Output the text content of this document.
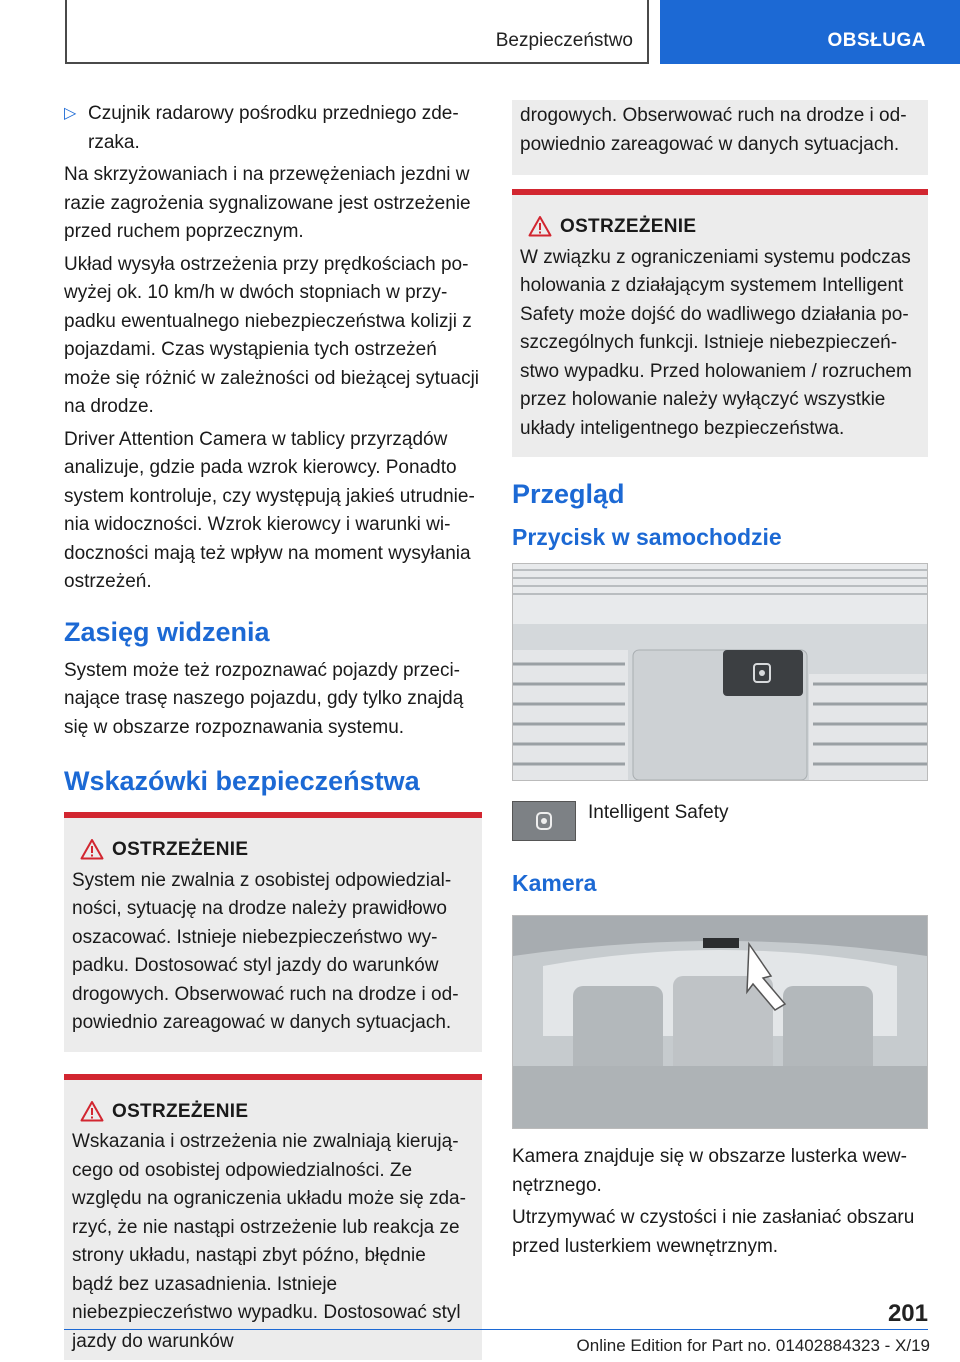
Bezpieczeństwo	OBSŁUGA

▷ Czujnik radarowy pośrodku przedniego zderzaka.

Na skrzyżowaniach i na przewężeniach jezdni w razie zagrożenia sygnalizowane jest ostrzeżenie przed ruchem poprzecznym.

Układ wysyła ostrzeżenia przy prędkościach powyżej ok. 10 km/h w dwóch stopniach w przypadku ewentualnego niebezpieczeństwa kolizji z pojazdami. Czas wystąpienia tych ostrzeżeń może się różnić w zależności od bieżącej sytuacji na drodze.

Driver Attention Camera w tablicy przyrządów analizuje, gdzie pada wzrok kierowcy. Ponadto system kontroluje, czy występują jakieś utrudnienia widoczności. Wzrok kierowcy i warunki widoczności mają też wpływ na moment wysyłania ostrzeżeń.

Zasięg widzenia

System może też rozpoznawać pojazdy przecinające trasę naszego pojazdu, gdy tylko znajdą się w obszarze rozpoznawania systemu.

Wskazówki bezpieczeństwa
OSTRZEŻENIE
System nie zwalnia z osobistej odpowiedzialności, sytuację na drodze należy prawidłowo oszacować. Istnieje niebezpieczeństwo wypadku. Dostosować styl jazdy do warunków drogowych. Obserwować ruch na drodze i odpowiednio zareagować w danych sytuacjach.
OSTRZEŻENIE
Wskazania i ostrzeżenia nie zwalniają kierującego od osobistej odpowiedzialności. Ze względu na ograniczenia układu może się zdarzyć, że nie nastąpi ostrzeżenie lub reakcja ze strony układu, nastąpi zbyt późno, błędnie bądź bez uzasadnienia. Istnieje niebezpieczeństwo wypadku. Dostosować styl jazdy do warunków
drogowych. Obserwować ruch na drodze i odpowiednio zareagować w danych sytuacjach.
OSTRZEŻENIE
W związku z ograniczeniami systemu podczas holowania z działającym systemem Intelligent Safety może dojść do wadliwego działania poszczególnych funkcji. Istnieje niebezpieczeństwo wypadku. Przed holowaniem / rozruchem przez holowanie należy wyłączyć wszystkie układy inteligentnego bezpieczeństwa.
Przegląd
Przycisk w samochodzie
Intelligent Safety
Kamera

Kamera znajduje się w obszarze lusterka wewnętrznego.

Utrzymywać w czystości i nie zasłaniać obszaru przed lusterkiem wewnętrznym.

201
Online Edition for Part no. 01402884323 - X/19
